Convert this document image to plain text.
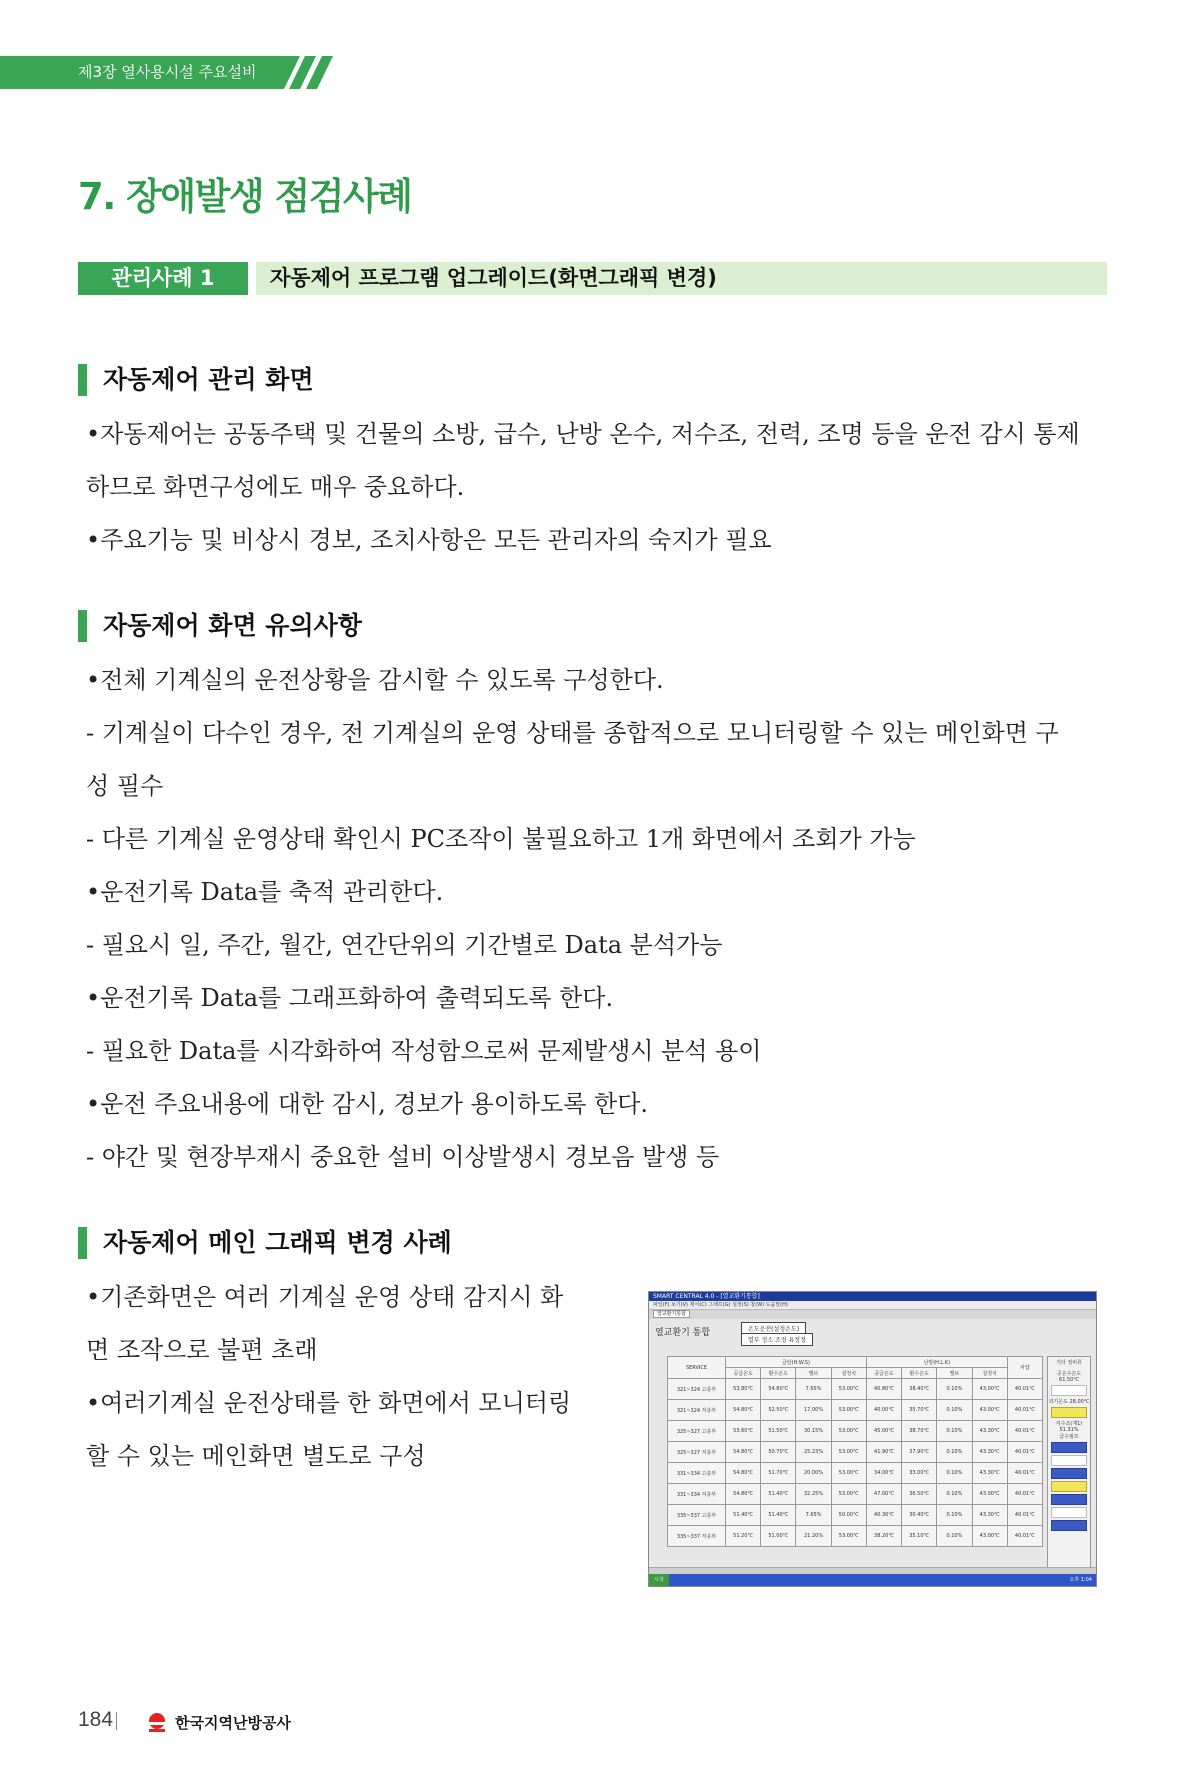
제3장 열사용시설 주요설비
7. 장애발생 점검사례
관리사례 1	자동제어 프로그램 업그레이드(화면그래픽 변경)
자동제어 관리 화면
•자동제어는 공동주택 및 건물의 소방, 급수, 난방 온수, 저수조, 전력, 조명 등을 운전 감시 통제
하므로 화면구성에도 매우 중요하다.
•주요기능 및 비상시 경보, 조치사항은 모든 관리자의 숙지가 필요
자동제어 화면 유의사항
•전체 기계실의 운전상황을 감시할 수 있도록 구성한다.
- 기계실이 다수인 경우, 전 기계실의 운영 상태를 종합적으로 모니터링할 수 있는 메인화면 구
성 필수
- 다른 기계실 운영상태 확인시 PC조작이 불필요하고 1개 화면에서 조회가 가능
•운전기록 Data를 축적 관리한다.
- 필요시 일, 주간, 월간, 연간단위의 기간별로 Data 분석가능
•운전기록 Data를 그래프화하여 출력되도록 한다.
- 필요한 Data를 시각화하여 작성함으로써 문제발생시 분석 용이
•운전 주요내용에 대한 감시, 경보가 용이하도록 한다.
- 야간 및 현장부재시 중요한 설비 이상발생시 경보음 발생 등
자동제어 메인 그래픽 변경 사례
•기존화면은 여러 기계실 운영 상태 감지시 화
면 조작으로 불편 초래
•여러기계실 운전상태를 한 화면에서 모니터링
할 수 있는 메인화면 별도로 구성
SMART CENTRAL 4.0 - [열교환기통합]
파일(F) 보기(V) 제어(C) 그래프(G) 설정(S) 창(W) 도움말(H)
열교환기통합
열교환기 통합	온도운전(설정온도)
열부 정소 조정 유정정
SERVICE	급탕(H.W.S)				난방(H.L.K)				차압
	공급온도	환수온도	밸브	설정치	공급온도	환수온도	밸브	설정치	
321~324 고층부	53.80℃	54.80℃	7.65%	53.00℃	40.80℃	38.40℃	0.10%	43.00℃	40.01℃
321~324 저층부	54.80℃	52.50℃	17.00%	53.00℃	40.00℃	35.70℃	0.10%	43.00℃	40.01℃
325~327 고층부	53.60℃	51.50℃	30.15%	53.00℃	45.00℃	38.70℃	0.10%	43.30℃	40.01℃
325~327 저층부	54.80℃	50.70℃	25.23%	53.00℃	41.90℃	37.90℃	0.10%	43.30℃	40.01℃
331~334 고층부	54.80℃	51.70℃	20.00%	53.00℃	34.00℃	33.00℃	0.10%	43.30℃	40.01℃
331~334 저층부	54.80℃	51.40℃	32.25%	53.00℃	47.00℃	36.50℃	0.10%	43.00℃	40.01℃
335~337 고층부	51.40℃	51.40℃	7.65%	50.00℃	40.30℃	30.40℃	0.10%	43.30℃	40.01℃
335~337 저층부	51.20℃	51.00℃	21.20%	53.00℃	38.20℃	35.10℃	0.10%	43.00℃	40.01℃
기타 정비류
공온수온도 61.50℃
외기온도 28.00℃
저수조(재1) 51.31%
급수펌프
시작	오후 1:04
184	한국지역난방공사
